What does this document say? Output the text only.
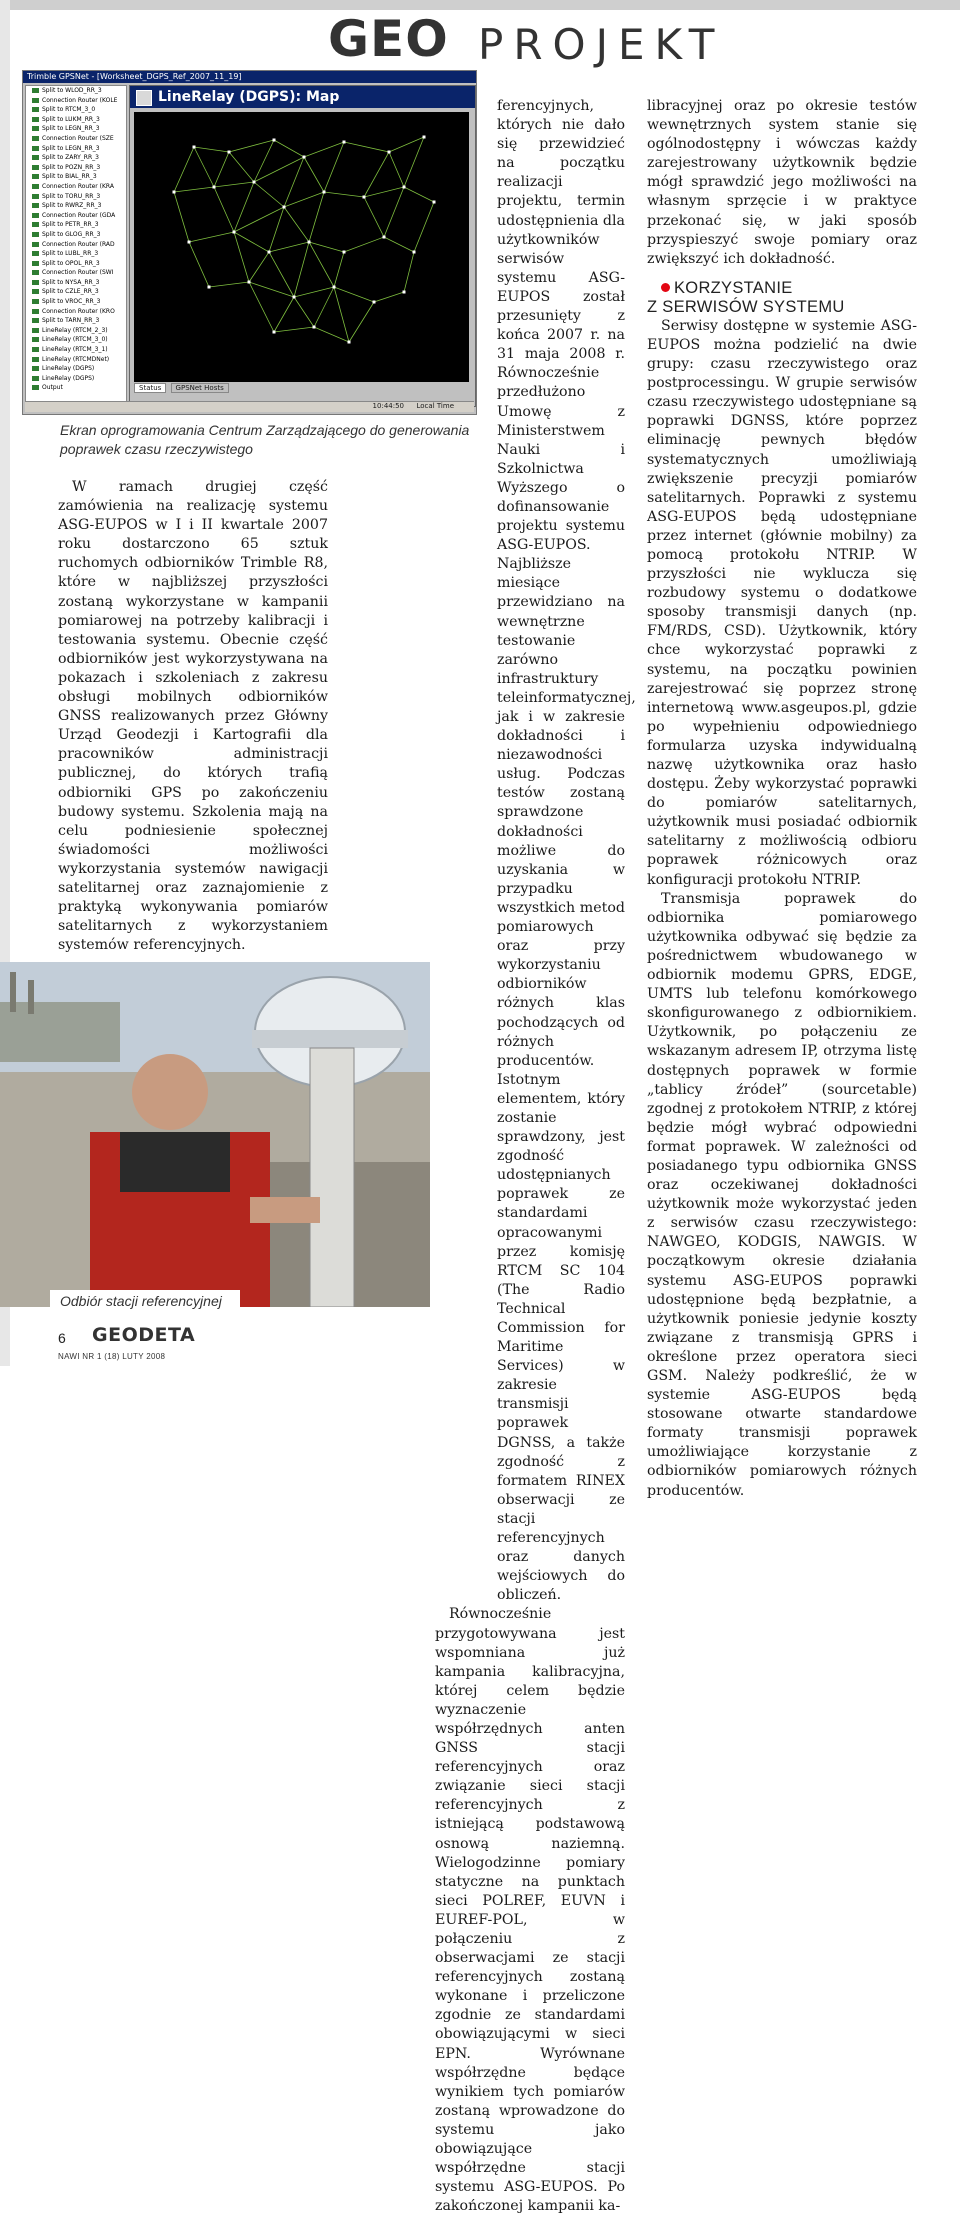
GEO PROJEKT
Trimble GPSNet - [Worksheet_DGPS_Ref_2007_11_19]
Split to WLOD_RR_3
Connection Router (KOLE
Split to RTCM_3_0
Split to LUKM_RR_3
Split to LEGN_RR_3
Connection Router (SZE
Split to LEGN_RR_3
Split to ZARY_RR_3
Split to POZN_RR_3
Split to BIAL_RR_3
Connection Router (KRA
Split to TORU_RR_3
Split to RWRZ_RR_3
Connection Router (GDA
Split to PETR_RR_3
Split to GLOG_RR_3
Connection Router (RAD
Split to LUBL_RR_3
Split to OPOL_RR_3
Connection Router (SWI
Split to NYSA_RR_3
Split to CZLE_RR_3
Split to VROC_RR_3
Connection Router (KRO
Split to TARN_RR_3
LineRelay (RTCM_2_3)
LineRelay (RTCM_3_0)
LineRelay (RTCM_3_1)
LineRelay (RTCMDNet)
LineRelay (DGPS)
LineRelay (DGPS)
Output
LineRelay (DGPS): Map
Status GPSNet Hosts
10:44:50 Local Time

Ekran oprogramowania Centrum Zarządzającego do generowania poprawek czasu rzeczywistego

W ramach drugiej część zamówienia na realizację systemu ASG-EUPOS w I i II kwartale 2007 roku dostarczono 65 sztuk ruchomych odbiorników Trimble R8, które w najbliższej przyszłości zostaną wykorzystane w kampanii pomiarowej na potrzeby kalibracji i testowania systemu. Obecnie część odbiorników jest wykorzystywana na pokazach i szkoleniach z zakresu obsługi mobilnych odbiorników GNSS realizowanych przez Główny Urząd Geodezji i Kartografii dla pracowników administracji publicznej, do których trafią odbiorniki GPS po zakończeniu budowy systemu. Szkolenia mają na celu podniesienie społecznej świadomości możliwości wykorzystania systemów nawigacji satelitarnej oraz zaznajomienie z praktyką wykonywania pomiarów satelitarnych z wykorzystaniem systemów referencyjnych.

Odbiór stacji referencyjnej

ferencyjnych, których nie dało się przewidzieć na początku realizacji projektu, termin udostępnienia dla użytkowników serwisów systemu ASG-EUPOS został przesunięty z końca 2007 r. na 31 maja 2008 r. Równocześnie przedłużono Umowę z Ministerstwem Nauki i Szkolnictwa Wyższego o dofinansowanie projektu systemu ASG-EUPOS. Najbliższe miesiące przewidziano na wewnętrzne testowanie zarówno infrastruktury teleinformatycznej, jak i w zakresie dokładności i niezawodności usług. Podczas testów zostaną sprawdzone dokładności możliwe do uzyskania w przypadku wszystkich metod pomiarowych oraz przy wykorzystaniu odbiorników różnych klas pochodzących od różnych producentów. Istotnym elementem, który zostanie sprawdzony, jest zgodność udostępnianych poprawek ze standardami opracowanymi przez komisję RTCM SC 104 (The Radio Technical Commission for Maritime Services) w zakresie transmisji poprawek DGNSS, a także zgodność z formatem RINEX obserwacji ze stacji referencyjnych oraz danych wejściowych do obliczeń.

Równocześnie przygotowywana jest wspomniana już kampania kalibracyjna, której celem będzie wyznaczenie współrzędnych anten GNSS stacji referencyjnych oraz związanie sieci stacji referencyjnych z istniejącą podstawową osnową naziemną. Wielogodzinne pomiary statyczne na punktach sieci POLREF, EUVN i EUREF-POL, w połączeniu z obserwacjami ze stacji referencyjnych zostaną wykonane i przeliczone zgodnie ze standardami obowiązującymi w sieci EPN. Wyrównane współrzędne będące wynikiem tych pomiarów zostaną wprowadzone do systemu jako obowiązujące współrzędne stacji systemu ASG-EUPOS. Po zakończonej kampanii ka-

libracyjnej oraz po okresie testów wewnętrznych system stanie się ogólnodostępny i wówczas każdy zarejestrowany użytkownik będzie mógł sprawdzić jego możliwości na własnym sprzęcie i w praktyce przekonać się, w jaki sposób przyspieszyć swoje pomiary oraz zwiększyć ich dokładność.

KORZYSTANIE
Z SERWISÓW SYSTEMU

Serwisy dostępne w systemie ASG-EUPOS można podzielić na dwie grupy: czasu rzeczywistego oraz postprocessingu. W grupie serwisów czasu rzeczywistego udostępniane są poprawki DGNSS, które poprzez eliminację pewnych błędów systematycznych umożliwiają zwiększenie precyzji pomiarów satelitarnych. Poprawki z systemu ASG-EUPOS będą udostępniane przez internet (głównie mobilny) za pomocą protokołu NTRIP. W przyszłości nie wyklucza się rozbudowy systemu o dodatkowe sposoby transmisji danych (np. FM/RDS, CSD). Użytkownik, który chce wykorzystać poprawki z systemu, na początku powinien zarejestrować się poprzez stronę internetową www.asgeupos.pl, gdzie po wypełnieniu odpowiedniego formularza uzyska indywidualną nazwę użytkownika oraz hasło dostępu. Żeby wykorzystać poprawki do pomiarów satelitarnych, użytkownik musi posiadać odbiornik satelitarny z możliwością odbioru poprawek różnicowych oraz konfiguracji protokołu NTRIP.

Transmisja poprawek do odbiornika pomiarowego użytkownika odbywać się będzie za pośrednictwem wbudowanego w odbiornik modemu GPRS, EDGE, UMTS lub telefonu komórkowego skonfigurowanego z odbiornikiem. Użytkownik, po połączeniu ze wskazanym adresem IP, otrzyma listę dostępnych poprawek w formie „tablicy źródeł” (sourcetable) zgodnej z protokołem NTRIP, z której będzie mógł wybrać odpowiedni format poprawek. W zależności od posiadanego typu odbiornika GNSS oraz oczekiwanej dokładności użytkownik może wykorzystać jeden z serwisów czasu rzeczywistego: NAWGEO, KODGIS, NAWGIS. W początkowym okresie działania systemu ASG-EUPOS poprawki udostępnione będą bezpłatnie, a użytkownik poniesie jedynie koszty związane z transmisją GPRS i określone przez operatora sieci GSM. Należy podkreślić, że w systemie ASG-EUPOS będą stosowane otwarte standardowe formaty transmisji poprawek umożliwiające korzystanie z odbiorników pomiarowych różnych producentów.

6 GEODETA
NAWI NR 1 (18) LUTY 2008
